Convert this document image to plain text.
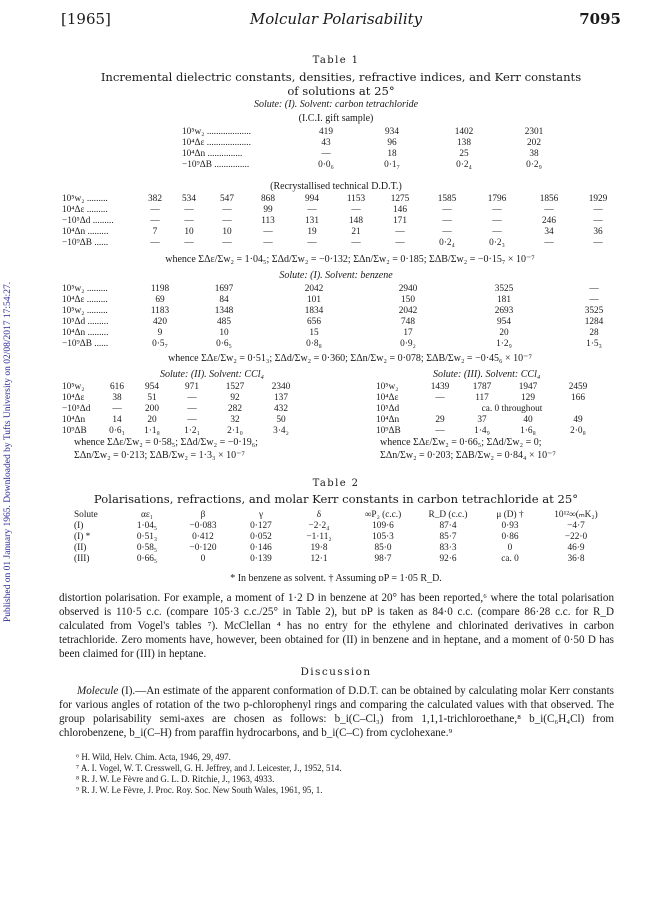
Published on 01 January 1965. Downloaded by Tufts University on 02/08/2017 17:54:27.
[1965]	Molcular Polarisability	7095
Table 1
Incremental dielectric constants, densities, refractive indices, and Kerr constants of solutions at 25°
Solute: (I). Solvent: carbon tetrachloride
(I.C.I. gift sample)
10⁵w₂ ...................	419	934	1402	2301
10⁴Δε ...................	43	96	138	202
10⁴Δn ...............	—	18	25	38
−10⁹ΔB ...............	0·0₆	0·1₇	0·2₄	0·2₉
(Recrystallised technical D.D.T.)
10⁵w₂ .........	382	534	547	868	994	1153	1275	1585	1796	1856	1929
10⁴Δε .........	—	—	—	99	—	—	146	—	—	—	—
−10⁵Δd .........	—	—	—	113	131	148	171	—	—	246	—
10⁴Δn .........	7	10	10	—	19	21	—	—	—	34	36
−10⁹ΔB ......	—	—	—	—	—	—	—	0·2₄	0·2₃	—	—
whence ΣΔε/Σw₂ = 1·04₅; ΣΔd/Σw₂ = −0·132; ΣΔn/Σw₂ = 0·185; ΣΔB/Σw₂ = −0·15₇ × 10⁻⁷
Solute: (I). Solvent: benzene
10⁵w₂ .........	1198	1697	2042	2940	3525	—
10⁴Δε .........	69	84	101	150	181	—
10⁵w₂ .........	1183	1348	1834	2042	2693	3525
10⁵Δd .........	420	485	656	748	954	1284
10⁴Δn .........	9	10	15	17	20	28
−10⁹ΔB ......	0·5₇	0·6₅	0·8₈	0·9₂	1·2₉	1·5₃
whence ΣΔε/Σw₂ = 0·51₃; ΣΔd/Σw₂ = 0·360; ΣΔn/Σw₂ = 0·078; ΣΔB/Σw₂ = −0·45₆ × 10⁻⁷
Solute: (II). Solvent: CCl₄	Solute: (III). Solvent: CCl₄
10⁵w₂	616	954	971	1527	2340
10⁴Δε	38	51	—	92	137
−10⁵Δd	—	200	—	282	432
10⁴Δn	14	20	—	32	50
10⁹ΔB	0·6₁	1·1₈	1·2₁	2·1₀	3·4₂
10⁵w₂	1439	1787	1947	2459
10⁴Δε	—	117	129	166
10⁵Δd	ca. 0 throughout			
10⁴Δn	29	37	40	49
10⁹ΔB	—	1·4₉	1·6₈	2·0₈
whence ΣΔε/Σw₂ = 0·58₅; ΣΔd/Σw₂ = −0·19₆;
ΣΔn/Σw₂ = 0·213; ΣΔB/Σw₂ = 1·3₃ × 10⁻⁷
whence ΣΔε/Σw₂ = 0·66₅; ΣΔd/Σw₂ = 0;
ΣΔn/Σw₂ = 0·203; ΣΔB/Σw₂ = 0·84₄ × 10⁻⁷
Table 2
Polarisations, refractions, and molar Kerr constants in carbon tetrachloride at 25°
Solute	αε₁	β	γ	δ	∞P₂ (c.c.)	R_D (c.c.)	μ (D) †	10¹²∞(ₘK₂)
(I)	1·04₅	−0·083	0·127	−2·2₄	109·6	87·4	0·93	−4·7
(I) *	0·51₃	0·412	0·052	−1·11₂	105·3	85·7	0·86	−22·0
(II)	0·58₅	−0·120	0·146	19·8	85·0	83·3	0	46·9
(III)	0·66₅	0	0·139	12·1	98·7	92·6	ca. 0	36·8
* In benzene as solvent. † Assuming ᴅP = 1·05 R_D.

distortion polarisation. For example, a moment of 1·2 D in benzene at 20° has been reported,⁶ where the total polarisation observed is 110·5 c.c. (compare 105·3 c.c./25° in Table 2), but ᴅP is taken as 84·0 c.c. (compare 86·28 c.c. for R_D calculated from Vogel's tables ⁷). McClellan ⁴ has no entry for the ethylene and chlorinated derivatives in carbon tetrachloride. Zero moments have, however, been obtained for (II) in benzene and in heptane, and a moment of 0·50 D has been claimed for (III) in heptane.

Discussion

Molecule (I).—An estimate of the apparent conformation of D.D.T. can be obtained by calculating molar Kerr constants for various angles of rotation of the two p-chlorophenyl rings and comparing the calculated values with that observed. The group polarisability semi-axes are chosen as follows: b_i(C–Cl₃) from 1,1,1-trichloroethane,⁸ b_i(C₆H₄Cl) from chlorobenzene, b_i(C–H) from paraffin hydrocarbons, and b_i(C–C) from cyclohexane.⁹

⁶ H. Wild, Helv. Chim. Acta, 1946, 29, 497.
⁷ A. I. Vogel, W. T. Cresswell, G. H. Jeffrey, and J. Leicester, J., 1952, 514.
⁸ R. J. W. Le Fèvre and G. L. D. Ritchie, J., 1963, 4933.
⁹ R. J. W. Le Fèvre, J. Proc. Roy. Soc. New South Wales, 1961, 95, 1.
